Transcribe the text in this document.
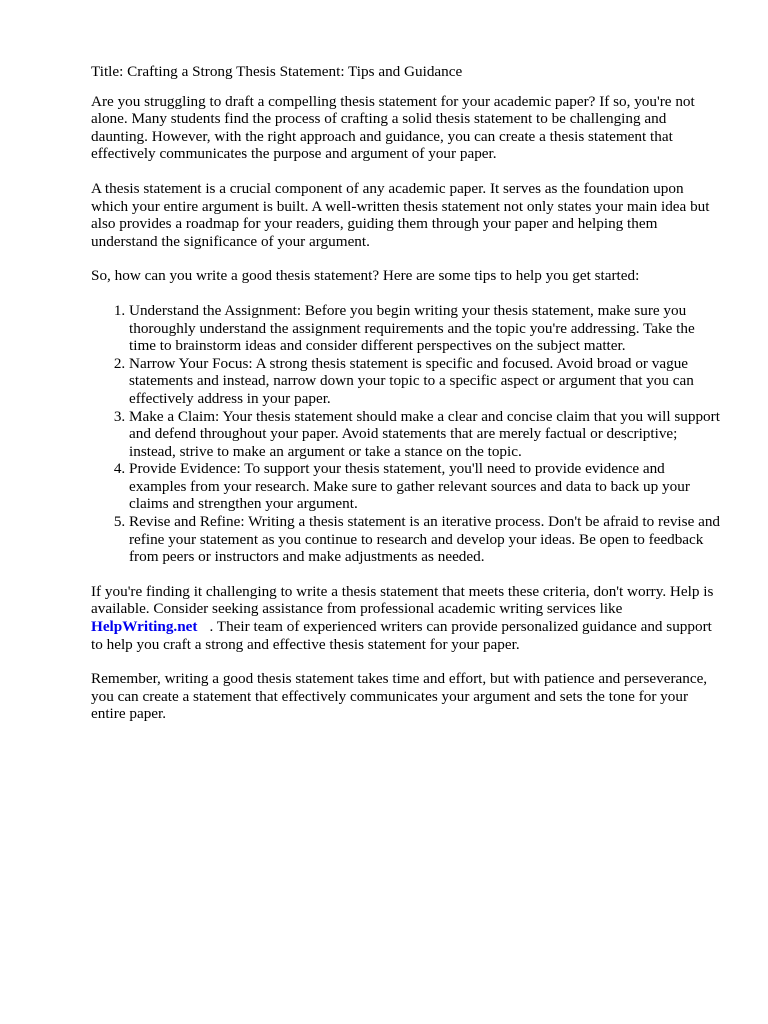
Title: Crafting a Strong Thesis Statement: Tips and Guidance

Are you struggling to draft a compelling thesis statement for your academic paper? If so, you're not alone. Many students find the process of crafting a solid thesis statement to be challenging and daunting. However, with the right approach and guidance, you can create a thesis statement that effectively communicates the purpose and argument of your paper.

A thesis statement is a crucial component of any academic paper. It serves as the foundation upon which your entire argument is built. A well-written thesis statement not only states your main idea but also provides a roadmap for your readers, guiding them through your paper and helping them understand the significance of your argument.

So, how can you write a good thesis statement? Here are some tips to help you get started:

1. Understand the Assignment: Before you begin writing your thesis statement, make sure you thoroughly understand the assignment requirements and the topic you're addressing. Take the time to brainstorm ideas and consider different perspectives on the subject matter.
2. Narrow Your Focus: A strong thesis statement is specific and focused. Avoid broad or vague statements and instead, narrow down your topic to a specific aspect or argument that you can effectively address in your paper.
3. Make a Claim: Your thesis statement should make a clear and concise claim that you will support and defend throughout your paper. Avoid statements that are merely factual or descriptive; instead, strive to make an argument or take a stance on the topic.
4. Provide Evidence: To support your thesis statement, you'll need to provide evidence and examples from your research. Make sure to gather relevant sources and data to back up your claims and strengthen your argument.
5. Revise and Refine: Writing a thesis statement is an iterative process. Don't be afraid to revise and refine your statement as you continue to research and develop your ideas. Be open to feedback from peers or instructors and make adjustments as needed.

If you're finding it challenging to write a thesis statement that meets these criteria, don't worry. Help is available. Consider seeking assistance from professional academic writing services like
HelpWriting.net . Their team of experienced writers can provide personalized guidance and support to help you craft a strong and effective thesis statement for your paper.

Remember, writing a good thesis statement takes time and effort, but with patience and perseverance, you can create a statement that effectively communicates your argument and sets the tone for your entire paper.
